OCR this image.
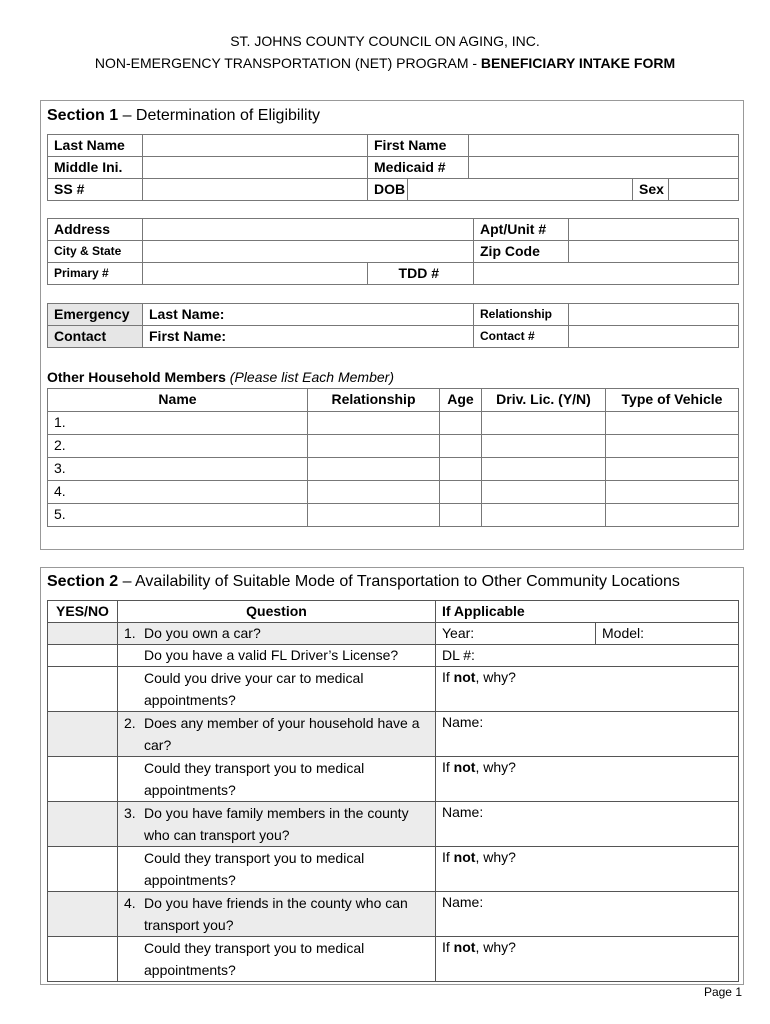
ST. JOHNS COUNTY COUNCIL ON AGING, INC.
NON-EMERGENCY TRANSPORTATION (NET) PROGRAM - BENEFICIARY INTAKE FORM
Section 1 – Determination of Eligibility
Last Name		First Name				
Middle Ini.		Medicaid #				
SS #		DOB			Sex	
Address			Apt/Unit #	
City & State			Zip Code	
Primary #		TDD #		
Emergency	Last Name:	Relationship	
Contact	First Name:	Contact #	
Other Household Members (Please list Each Member)
Name	Relationship	Age	Driv. Lic. (Y/N)	Type of Vehicle
1.				
2.				
3.				
4.				
5.				
Section 2 – Availability of Suitable Mode of Transportation to Other Community Locations
YES/NO	Question	If Applicable	
	1. Do you own a car?	Year:	Model:
	Do you have a valid FL Driver’s License?	DL #:	
	Could you drive your car to medical appointments?	If not, why?	
	2. Does any member of your household have a car?	Name:	
	Could they transport you to medical appointments?	If not, why?	
	3. Do you have family members in the county who can transport you?	Name:	
	Could they transport you to medical appointments?	If not, why?	
	4. Do you have friends in the county who can transport you?	Name:	
	Could they transport you to medical appointments?	If not, why?	
Page 1
